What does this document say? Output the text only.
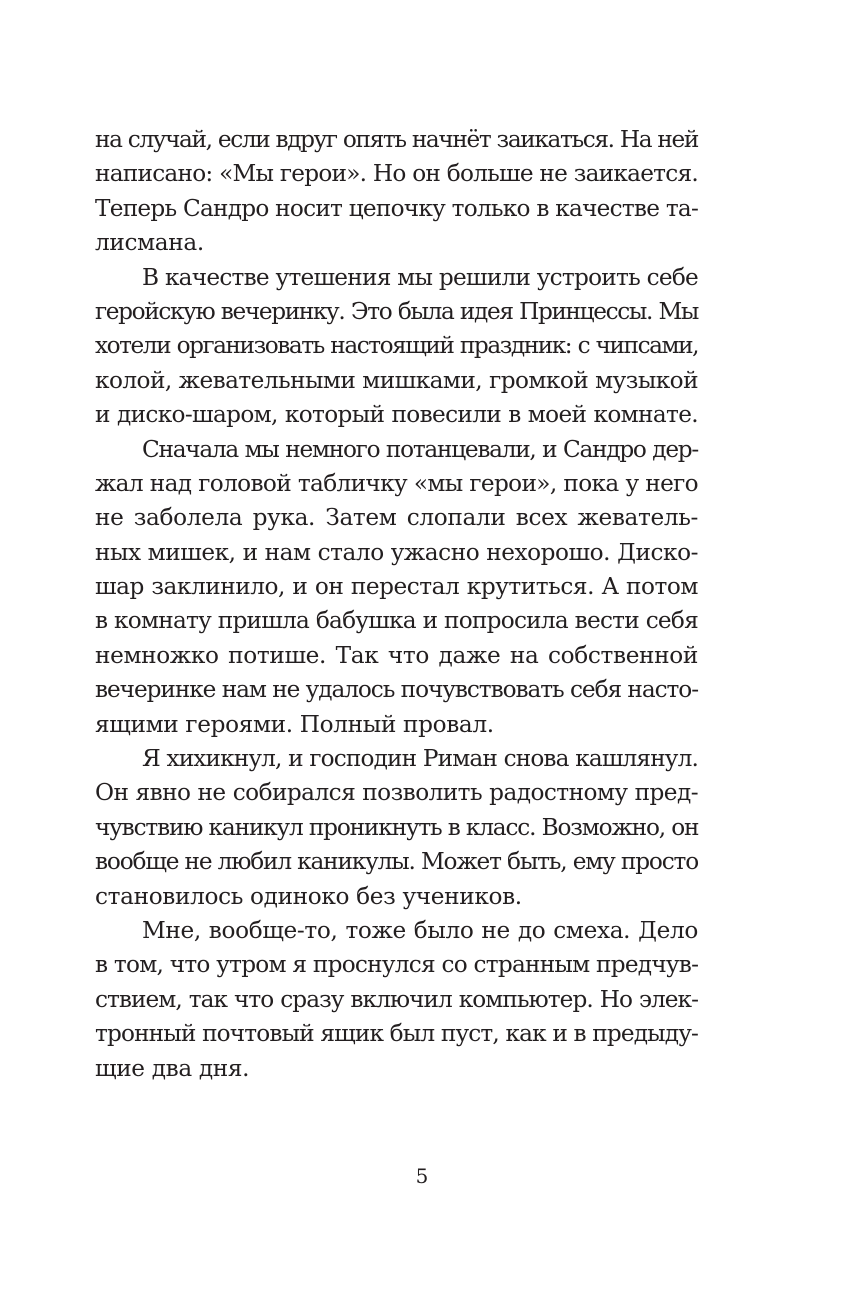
на случай, если вдруг опять начнёт заикаться. На ней
написано: «Мы герои». Но он больше не заикается.
Теперь Сандро носит цепочку только в качестве та-
лисмана.
В качестве утешения мы решили устроить себе
геройскую вечеринку. Это была идея Принцессы. Мы
хотели организовать настоящий праздник: с чипсами,
колой, жевательными мишками, громкой музыкой
и диско-шаром, который повесили в моей комнате.
Сначала мы немного потанцевали, и Сандро дер-
жал над головой табличку «мы герои», пока у него
не заболела рука. Затем слопали всех жеватель-
ных мишек, и нам стало ужасно нехорошо. Диско-
шар заклинило, и он перестал крутиться. А потом
в комнату пришла бабушка и попросила вести себя
немножко потише. Так что даже на собственной
вечеринке нам не удалось почувствовать себя насто-
ящими героями. Полный провал.
Я хихикнул, и господин Риман снова кашлянул.
Он явно не собирался позволить радостному пред-
чувствию каникул проникнуть в класс. Возможно, он
вообще не любил каникулы. Может быть, ему просто
становилось одиноко без учеников.
Мне, вообще-то, тоже было не до смеха. Дело
в том, что утром я проснулся со странным предчув-
ствием, так что сразу включил компьютер. Но элек-
тронный почтовый ящик был пуст, как и в предыду-
щие два дня.
5
